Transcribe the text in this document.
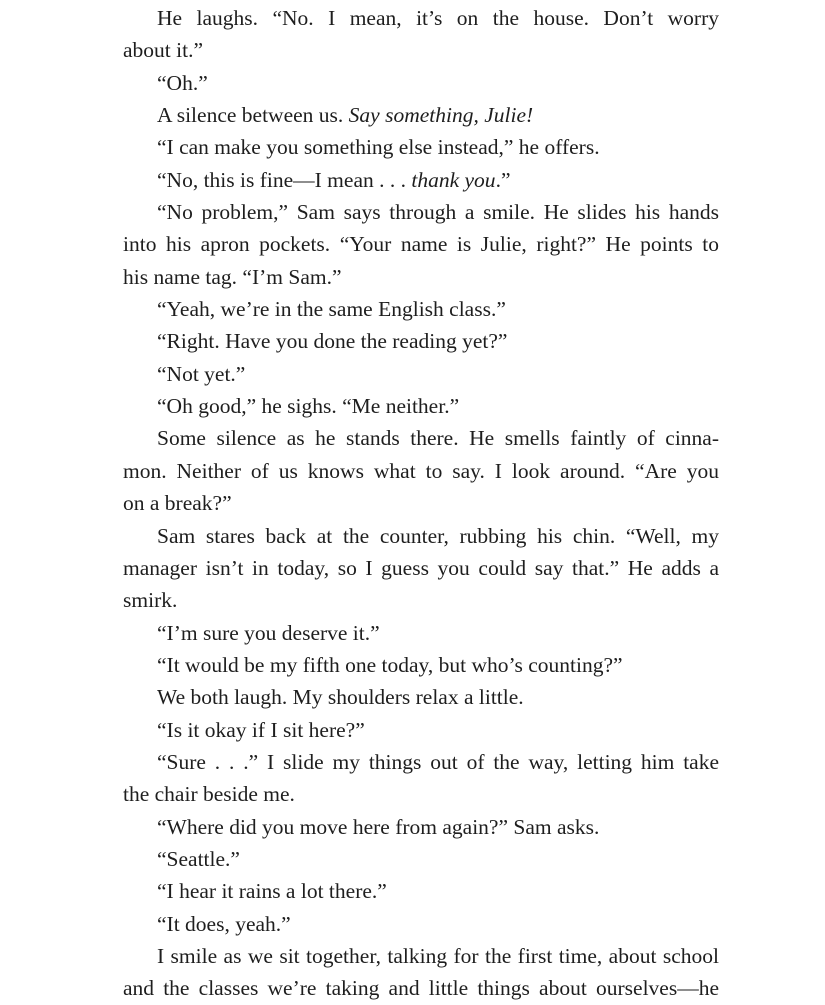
He laughs. “No. I mean, it’s on the house. Don’t worry
about it.”
“Oh.”
A silence between us. Say something, Julie!
“I can make you something else instead,” he offers.
“No, this is fine—I mean . . . thank you.”
“No problem,” Sam says through a smile. He slides his hands
into his apron pockets. “Your name is Julie, right?” He points to
his name tag. “I’m Sam.”
“Yeah, we’re in the same English class.”
“Right. Have you done the reading yet?”
“Not yet.”
“Oh good,” he sighs. “Me neither.”
Some silence as he stands there. He smells faintly of cinna-
mon. Neither of us knows what to say. I look around. “Are you
on a break?”
Sam stares back at the counter, rubbing his chin. “Well, my
manager isn’t in today, so I guess you could say that.” He adds a
smirk.
“I’m sure you deserve it.”
“It would be my fifth one today, but who’s counting?”
We both laugh. My shoulders relax a little.
“Is it okay if I sit here?”
“Sure . . .” I slide my things out of the way, letting him take
the chair beside me.
“Where did you move here from again?” Sam asks.
“Seattle.”
“I hear it rains a lot there.”
“It does, yeah.”
I smile as we sit together, talking for the first time, about school
and the classes we’re taking and little things about ourselves—he
